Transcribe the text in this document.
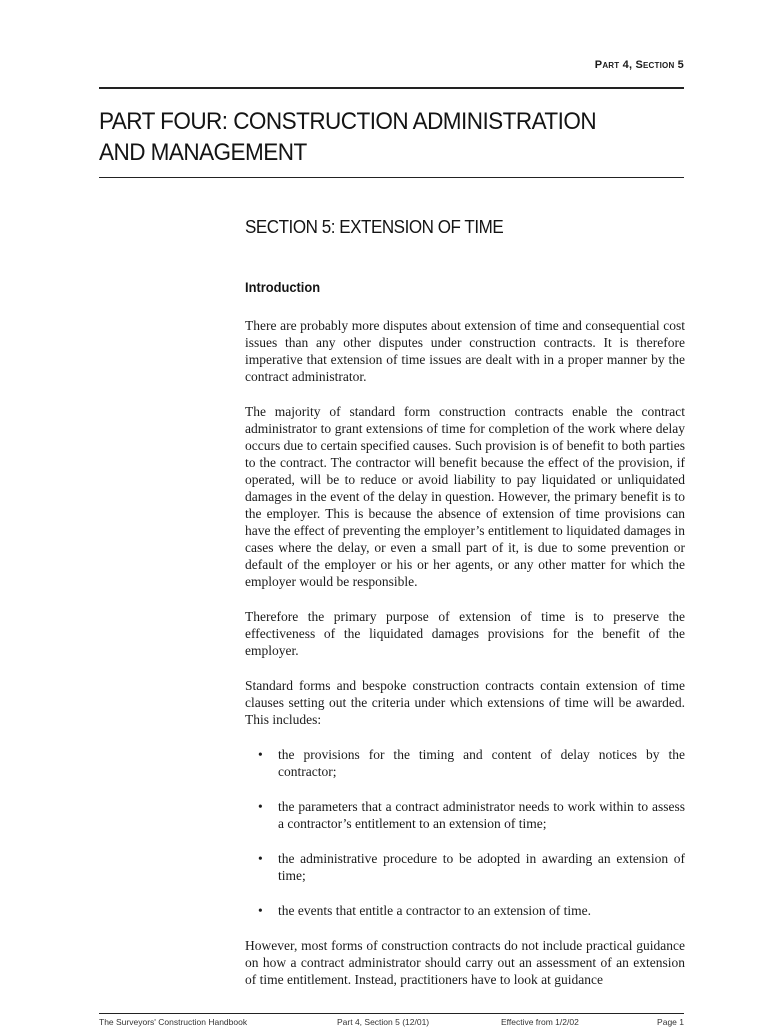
Part 4, Section 5
PART FOUR: CONSTRUCTION ADMINISTRATION AND MANAGEMENT
SECTION 5: EXTENSION OF TIME
Introduction

There are probably more disputes about extension of time and consequential cost issues than any other disputes under construction contracts. It is therefore imperative that extension of time issues are dealt with in a proper manner by the contract administrator.

The majority of standard form construction contracts enable the contract administrator to grant extensions of time for completion of the work where delay occurs due to certain specified causes. Such provision is of benefit to both parties to the contract. The contractor will benefit because the effect of the provision, if operated, will be to reduce or avoid liability to pay liquidated or unliquidated damages in the event of the delay in question. However, the primary benefit is to the employer. This is because the absence of extension of time provisions can have the effect of preventing the employer’s entitlement to liquidated damages in cases where the delay, or even a small part of it, is due to some prevention or default of the employer or his or her agents, or any other matter for which the employer would be responsible.

Therefore the primary purpose of extension of time is to preserve the effectiveness of the liquidated damages provisions for the benefit of the employer.

Standard forms and bespoke construction contracts contain extension of time clauses setting out the criteria under which extensions of time will be awarded. This includes:

• the provisions for the timing and content of delay notices by the contractor;
• the parameters that a contract administrator needs to work within to assess a contractor’s entitlement to an extension of time;
• the administrative procedure to be adopted in awarding an extension of time;
• the events that entitle a contractor to an extension of time.

However, most forms of construction contracts do not include practical guidance on how a contract administrator should carry out an assessment of an extension of time entitlement. Instead, practitioners have to look at guidance

The Surveyors' Construction Handbook	Part 4, Section 5 (12/01)	Effective from 1/2/02	Page 1
